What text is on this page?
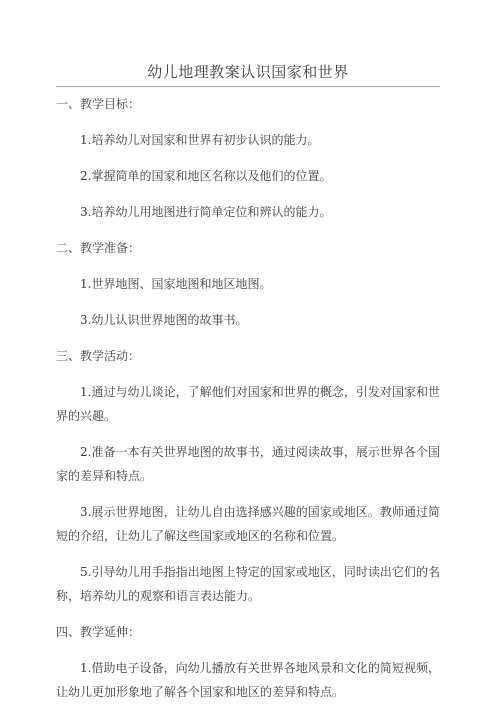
幼儿地理教案认识国家和世界

一、教学目标：

1.培养幼儿对国家和世界有初步认识的能力。

2.掌握简单的国家和地区名称以及他们的位置。

3.培养幼儿用地图进行简单定位和辨认的能力。

二、教学准备：

1.世界地图、国家地图和地区地图。

3.幼儿认识世界地图的故事书。

三、教学活动：

1.通过与幼儿谈论，了解他们对国家和世界的概念，引发对国家和世界的兴趣。

2.准备一本有关世界地图的故事书，通过阅读故事，展示世界各个国家的差异和特点。

3.展示世界地图，让幼儿自由选择感兴趣的国家或地区。教师通过简短的介绍，让幼儿了解这些国家或地区的名称和位置。

5.引导幼儿用手指指出地图上特定的国家或地区，同时读出它们的名称，培养幼儿的观察和语言表达能力。

四、教学延伸：

1.借助电子设备，向幼儿播放有关世界各地风景和文化的简短视频，让幼儿更加形象地了解各个国家和地区的差异和特点。
